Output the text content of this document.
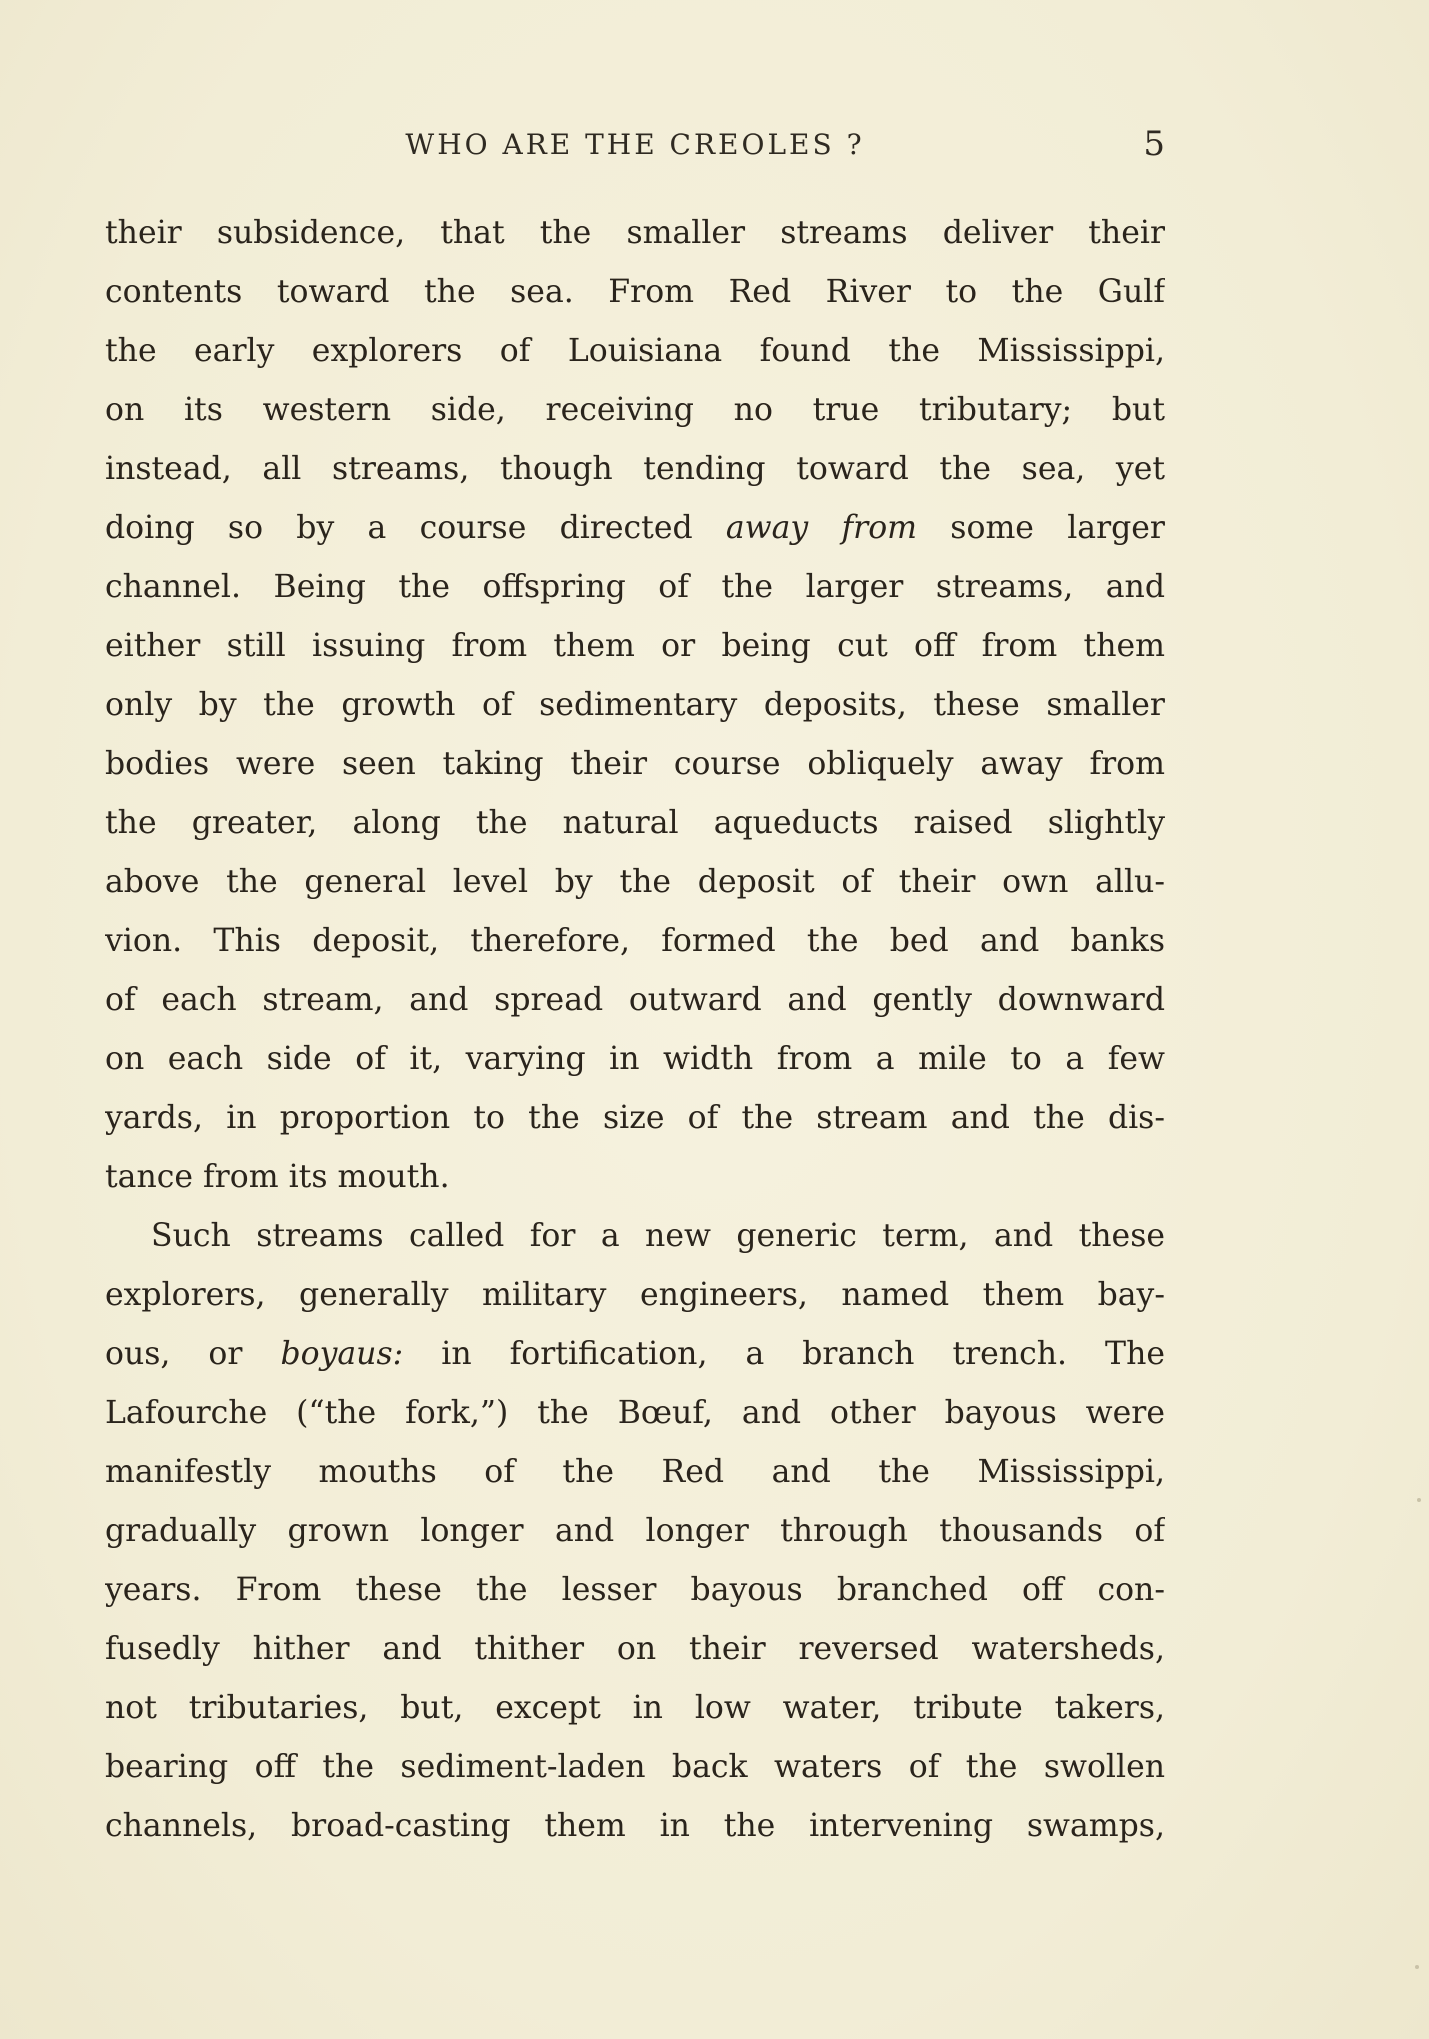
WHO ARE THE CREOLES ?	5
their subsidence, that the smaller streams deliver their
contents toward the sea. From Red River to the Gulf
the early explorers of Louisiana found the Mississippi,
on its western side, receiving no true tributary; but
instead, all streams, though tending toward the sea, yet
doing so by a course directed away from some larger
channel. Being the offspring of the larger streams, and
either still issuing from them or being cut off from them
only by the growth of sedimentary deposits, these smaller
bodies were seen taking their course obliquely away from
the greater, along the natural aqueducts raised slightly
above the general level by the deposit of their own allu-
vion. This deposit, therefore, formed the bed and banks
of each stream, and spread outward and gently downward
on each side of it, varying in width from a mile to a few
yards, in proportion to the size of the stream and the dis-
tance from its mouth.
Such streams called for a new generic term, and these
explorers, generally military engineers, named them bay-
ous, or boyaus: in fortification, a branch trench. The
Lafourche (“the fork,”) the Bœuf, and other bayous were
manifestly mouths of the Red and the Mississippi,
gradually grown longer and longer through thousands of
years. From these the lesser bayous branched off con-
fusedly hither and thither on their reversed watersheds,
not tributaries, but, except in low water, tribute takers,
bearing off the sediment-laden back waters of the swollen
channels, broad-casting them in the intervening swamps,
